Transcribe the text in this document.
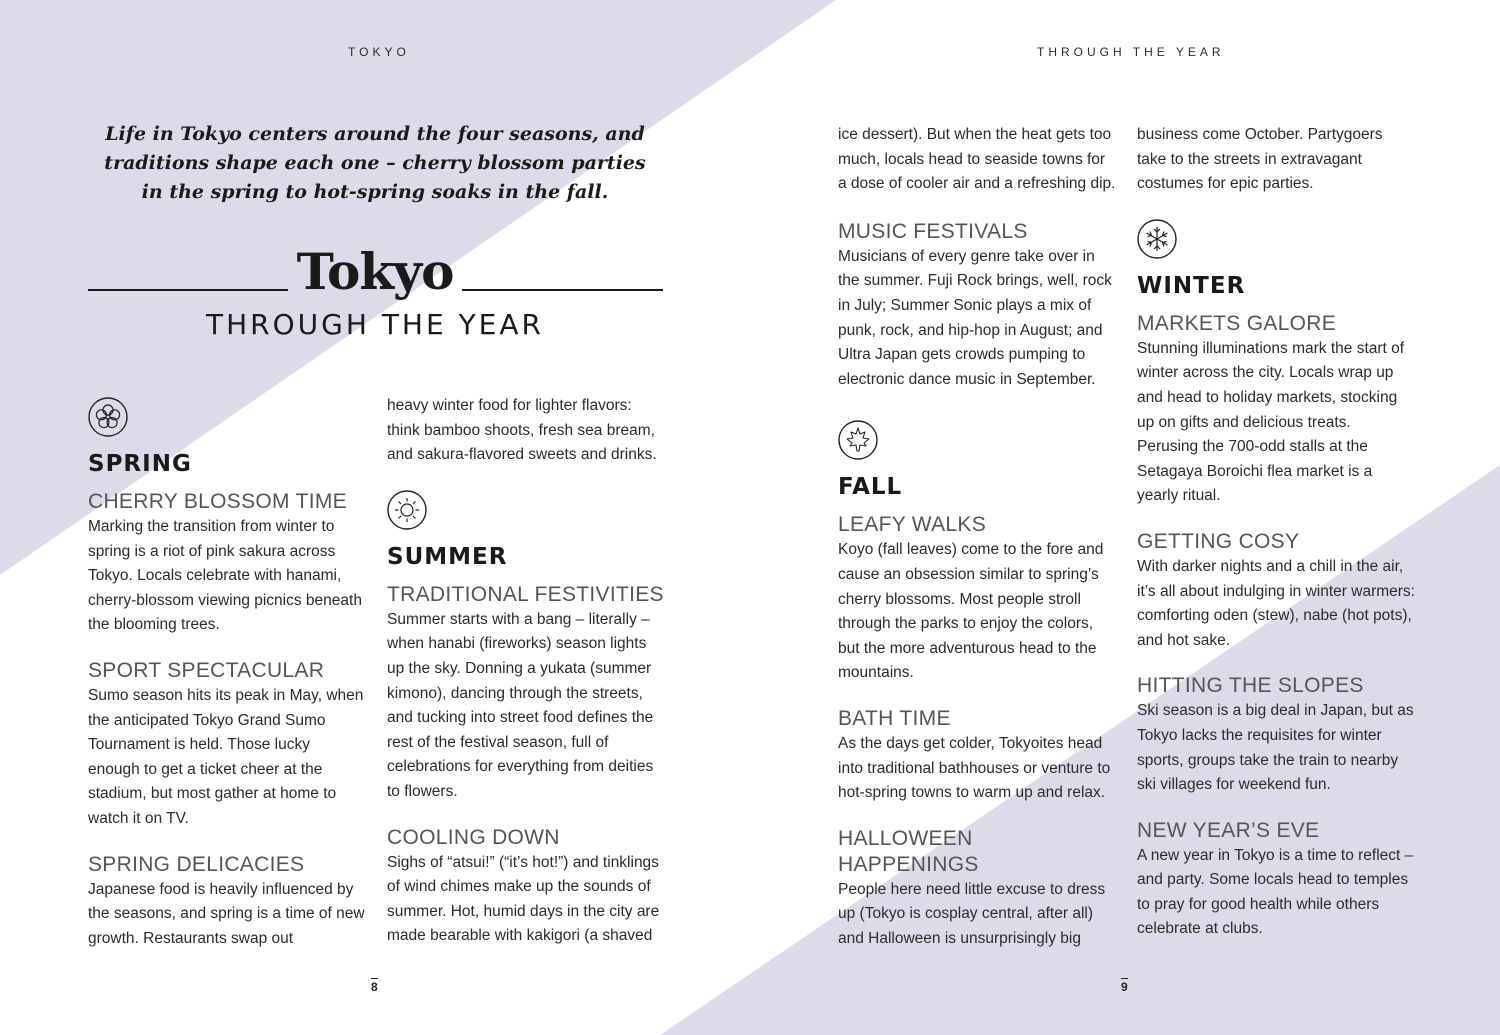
TOKYO	THROUGH THE YEAR
Life in Tokyo centers around the four seasons, and traditions shape each one – cherry blossom parties in the spring to hot-spring soaks in the fall.
Tokyo
THROUGH THE YEAR
SPRING
CHERRY BLOSSOM TIME

Marking the transition from winter to spring is a riot of pink sakura across Tokyo. Locals celebrate with hanami, cherry-blossom viewing picnics beneath the blooming trees.

SPORT SPECTACULAR

Sumo season hits its peak in May, when the anticipated Tokyo Grand Sumo Tournament is held. Those lucky enough to get a ticket cheer at the stadium, but most gather at home to watch it on TV.

SPRING DELICACIES

Japanese food is heavily influenced by the seasons, and spring is a time of new growth. Restaurants swap out

heavy winter food for lighter flavors: think bamboo shoots, fresh sea bream, and sakura-flavored sweets and drinks.

SUMMER
TRADITIONAL FESTIVITIES

Summer starts with a bang – literally – when hanabi (fireworks) season lights up the sky. Donning a yukata (summer kimono), dancing through the streets, and tucking into street food defines the rest of the festival season, full of celebrations for everything from deities to flowers.

COOLING DOWN

Sighs of “atsui!” (“it’s hot!”) and tinklings of wind chimes make up the sounds of summer. Hot, humid days in the city are made bearable with kakigori (a shaved

ice dessert). But when the heat gets too much, locals head to seaside towns for a dose of cooler air and a refreshing dip.

MUSIC FESTIVALS

Musicians of every genre take over in the summer. Fuji Rock brings, well, rock in July; Summer Sonic plays a mix of punk, rock, and hip-hop in August; and Ultra Japan gets crowds pumping to electronic dance music in September.

FALL
LEAFY WALKS

Koyo (fall leaves) come to the fore and cause an obsession similar to spring’s cherry blossoms. Most people stroll through the parks to enjoy the colors, but the more adventurous head to the mountains.

BATH TIME

As the days get colder, Tokyoites head into traditional bathhouses or venture to hot-spring towns to warm up and relax.

HALLOWEEN HAPPENINGS

People here need little excuse to dress up (Tokyo is cosplay central, after all) and Halloween is unsurprisingly big

business come October. Partygoers take to the streets in extravagant costumes for epic parties.

WINTER
MARKETS GALORE

Stunning illuminations mark the start of winter across the city. Locals wrap up and head to holiday markets, stocking up on gifts and delicious treats. Perusing the 700-odd stalls at the Setagaya Boroichi flea market is a yearly ritual.

GETTING COSY

With darker nights and a chill in the air, it’s all about indulging in winter warmers: comforting oden (stew), nabe (hot pots), and hot sake.

HITTING THE SLOPES

Ski season is a big deal in Japan, but as Tokyo lacks the requisites for winter sports, groups take the train to nearby ski villages for weekend fun.

NEW YEAR’S EVE

A new year in Tokyo is a time to reflect – and party. Some locals head to temples to pray for good health while others celebrate at clubs.

8	9
